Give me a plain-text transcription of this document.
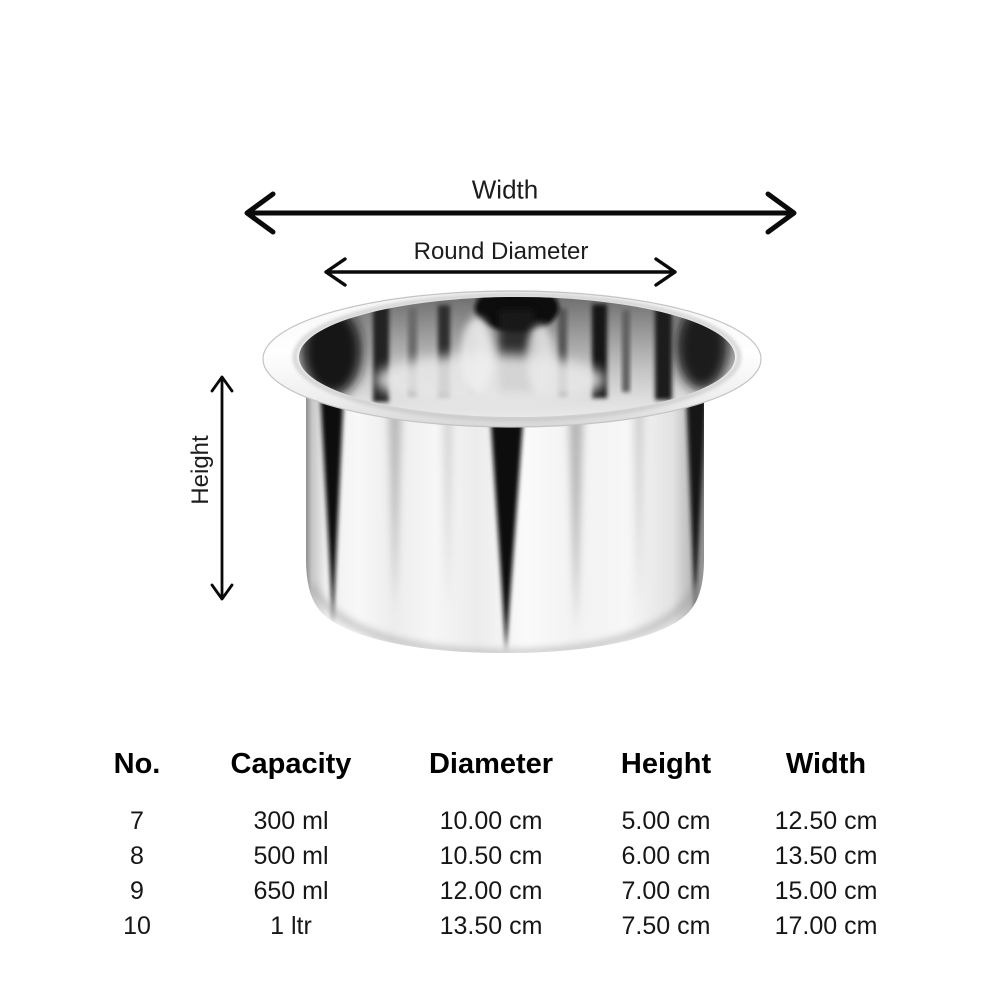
Width
Round Diameter
Height
No.	Capacity	Diameter	Height	Width
7	300 ml	10.00 cm	5.00 cm	12.50 cm
8	500 ml	10.50 cm	6.00 cm	13.50 cm
9	650 ml	12.00 cm	7.00 cm	15.00 cm
10	1 ltr	13.50 cm	7.50 cm	17.00 cm
